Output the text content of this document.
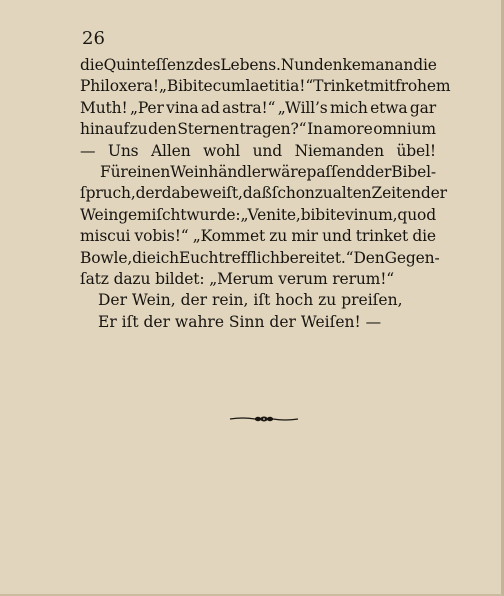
26
die Quinteſſenz des Lebens. Nun denke man an die
Philoxera! „Bibite cum laetitia!“ Trinket mit frohem
Muth! „Per vina ad astra!“ „Will’s mich etwa gar
hinauf zu den Sternen tragen?“ In amore omnium
— Uns Allen wohl und Niemanden übel!
Für einen Weinhändler wäre paſſend der Bibel-
ſpruch, der da beweiſt, daß ſchon zu alten Zeiten der
Wein gemiſcht wurde: „Venite, bibite vinum, quod
miscui vobis!“ „Kommet zu mir und trinket die
Bowle, die ich Euch trefflich bereitet.“ Den Gegen-
ſatz
dazu
bildet:
„Merum
verum
rerum!“
Der Wein, der rein, iſt hoch zu preiſen,
Er iſt der wahre Sinn der Weiſen! —
